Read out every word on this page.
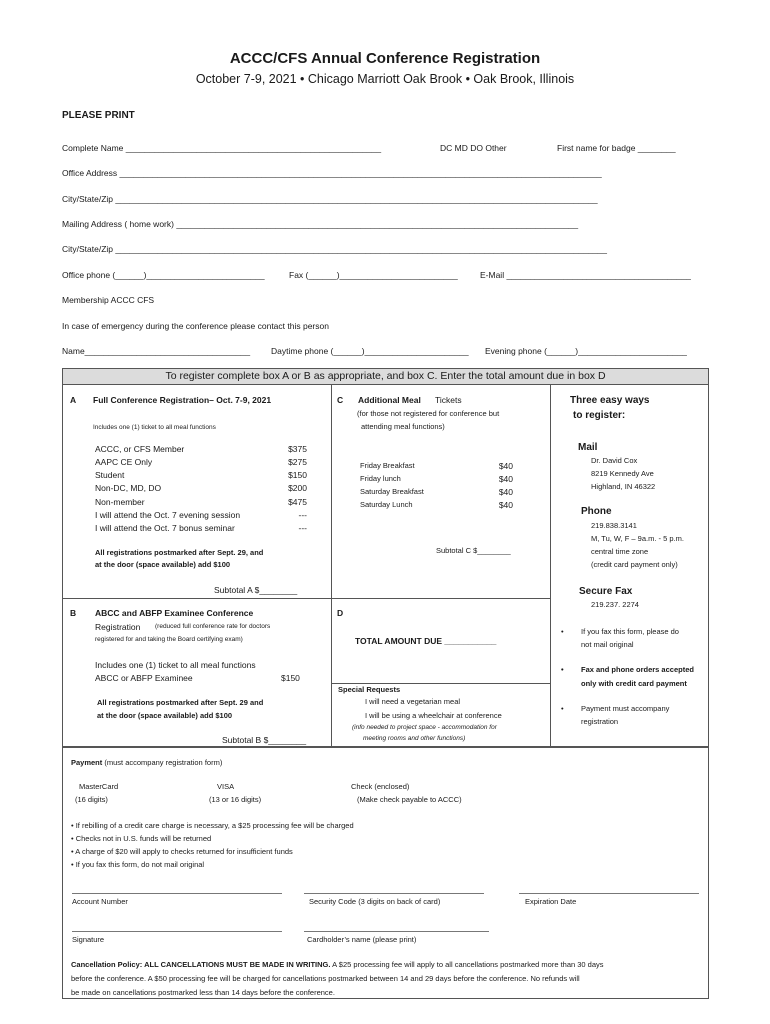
ACCC/CFS Annual Conference Registration
October 7-9, 2021 • Chicago Marriott Oak Brook • Oak Brook, Illinois
PLEASE PRINT
Complete Name ______________________________________________________	DC MD DO Other	First name for badge ________
Office Address ______________________________________________________________________________________________________
City/State/Zip ______________________________________________________________________________________________________
Mailing Address ( home work) _____________________________________________________________________________________
City/State/Zip ________________________________________________________________________________________________________
Office phone (______)_________________________	Fax (______)_________________________	E-Mail _______________________________________
Membership ACCC CFS
In case of emergency during the conference please contact this person
Name___________________________________ Daytime phone (______)______________________ Evening phone (______)_______________________
To register complete box A or B as appropriate, and box C. Enter the total amount due in box D
A Full Conference Registration– Oct. 7-9, 2021
Includes one (1) ticket to all meal functions
ACCC, or CFS Member	$375
AAPC CE Only	$275
Student	$150
Non-DC, MD, DO	$200
Non-member	$475
I will attend the Oct. 7 evening session	---
I will attend the Oct. 7 bonus seminar	---
All registrations postmarked after Sept. 29, and
at the door (space available) add $100
Subtotal A $________
B ABCC and ABFP Examinee Conference
Registration (reduced full conference rate for doctors
registered for and taking the Board certifying exam)
Includes one (1) ticket to all meal functions
ABCC or ABFP Examinee	$150
All registrations postmarked after Sept. 29 and
at the door (space available) add $100
Subtotal B $________
C Additional Meal Tickets
(for those not registered for conference but
attending meal functions)
Friday Breakfast	$40
Friday lunch	$40
Saturday Breakfast	$40
Saturday Lunch	$40
Subtotal C $________
D
TOTAL AMOUNT DUE ___________
Special Requests
I will need a vegetarian meal
I will be using a wheelchair at conference
(info needed to project space - accommodation for
meeting rooms and other functions)
Three easy ways
to register:
Mail
Dr. David Cox
8219 Kennedy Ave
Highland, IN 46322
Phone
219.838.3141
M, Tu, W, F – 9a.m. - 5 p.m.
central time zone
(credit card payment only)
Secure Fax
219.237. 2274
• If you fax this form, please do
not mail original
• Fax and phone orders accepted
only with credit card payment
• Payment must accompany
registration
Payment (must accompany registration form)
MasterCard
(16 digits)
VISA
(13 or 16 digits)
Check (enclosed)
(Make check payable to ACCC)
• If rebilling of a credit care charge is necessary, a $25 processing fee will be charged
• Checks not in U.S. funds will be returned
• A charge of $20 will apply to checks returned for insufficient funds
• If you fax this form, do not mail original
Account Number	Security Code (3 digits on back of card)	Expiration Date
Signature	Cardholder’s name (please print)
Cancellation Policy: ALL CANCELLATIONS MUST BE MADE IN WRITING. A $25 processing fee will apply to all cancellations postmarked more than 30 days
before the conference. A $50 processing fee will be charged for cancellations postmarked between 14 and 29 days before the conference. No refunds will
be made on cancellations postmarked less than 14 days before the conference.
